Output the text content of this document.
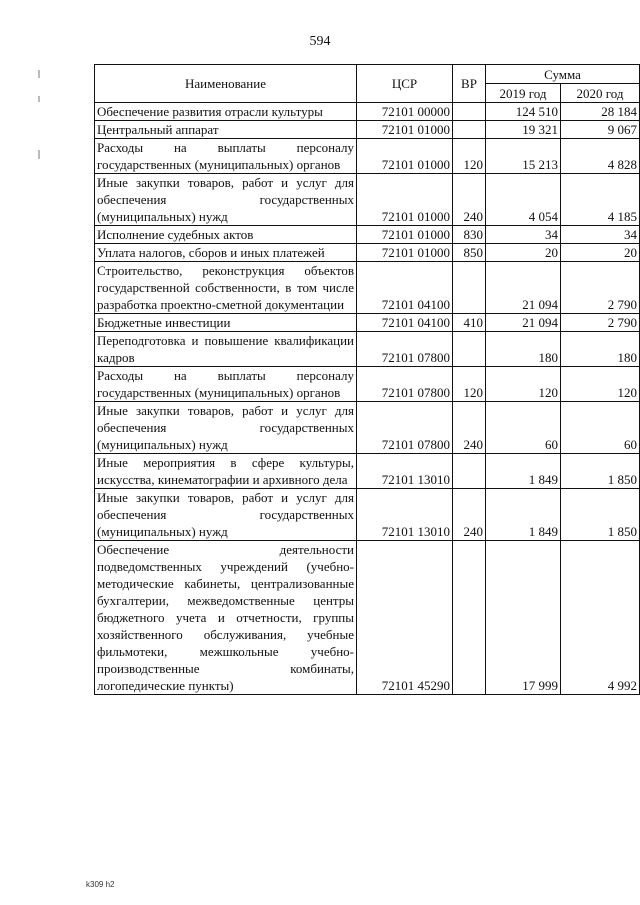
594
Наименование	ЦСР	ВР	Сумма	
			2019 год	2020 год
Обеспечение развития отрасли культуры	72101 00000		124 510	28 184
Центральный аппарат	72101 01000		19 321	9 067
Расходы на выплаты персоналу государственных (муниципальных) органов	72101 01000	120	15 213	4 828
Иные закупки товаров, работ и услуг для обеспечения государственных (муниципальных) нужд	72101 01000	240	4 054	4 185
Исполнение судебных актов	72101 01000	830	34	34
Уплата налогов, сборов и иных платежей	72101 01000	850	20	20
Строительство, реконструкция объектов государственной собственности, в том числе разработка проектно-сметной документации	72101 04100		21 094	2 790
Бюджетные инвестиции	72101 04100	410	21 094	2 790
Переподготовка и повышение квалификации кадров	72101 07800		180	180
Расходы на выплаты персоналу государственных (муниципальных) органов	72101 07800	120	120	120
Иные закупки товаров, работ и услуг для обеспечения государственных (муниципальных) нужд	72101 07800	240	60	60
Иные мероприятия в сфере культуры, искусства, кинематографии и архивного дела	72101 13010		1 849	1 850
Иные закупки товаров, работ и услуг для обеспечения государственных (муниципальных) нужд	72101 13010	240	1 849	1 850
Обеспечение деятельности подведомственных учреждений (учебно-методические кабинеты, централизованные бухгалтерии, межведомственные центры бюджетного учета и отчетности, группы хозяйственного обслуживания, учебные фильмотеки, межшкольные учебно-производственные комбинаты, логопедические пункты)	72101 45290		17 999	4 992
k309 h2
